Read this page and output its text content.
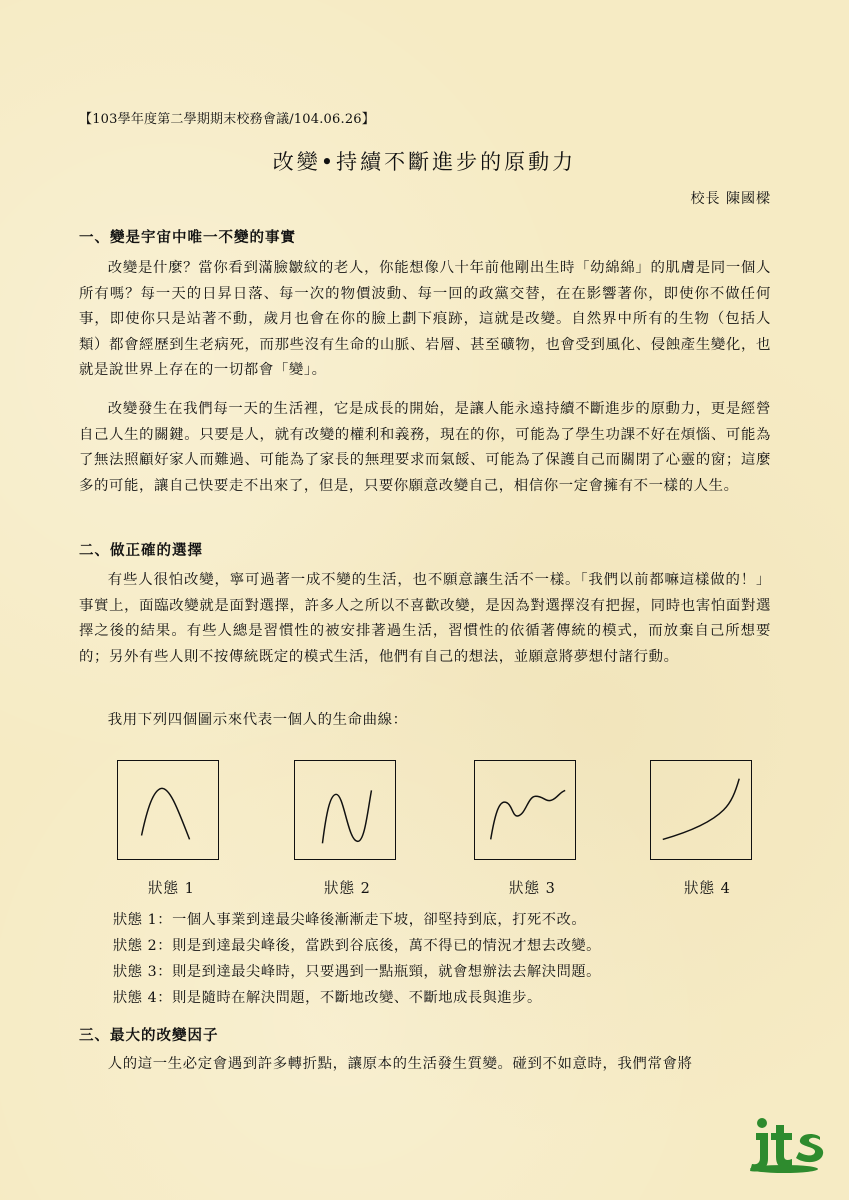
【103學年度第二學期期末校務會議/104.06.26】
改變•持續不斷進步的原動力
校長 陳國樑
一、變是宇宙中唯一不變的事實
改變是什麼？當你看到滿臉皺紋的老人，你能想像八十年前他剛出生時「幼綿綿」的肌膚是同一個人所有嗎？每一天的日昇日落、每一次的物價波動、每一回的政黨交替，在在影響著你，即使你不做任何事，即使你只是站著不動，歲月也會在你的臉上劃下痕跡，這就是改變。自然界中所有的生物（包括人類）都會經歷到生老病死，而那些沒有生命的山脈、岩層、甚至礦物，也會受到風化、侵蝕產生變化，也就是說世界上存在的一切都會「變」。
改變發生在我們每一天的生活裡，它是成長的開始，是讓人能永遠持續不斷進步的原動力，更是經營自己人生的關鍵。只要是人，就有改變的權利和義務，現在的你，可能為了學生功課不好在煩惱、可能為了無法照顧好家人而難過、可能為了家長的無理要求而氣餒、可能為了保護自己而關閉了心靈的窗；這麼多的可能，讓自己快要走不出來了，但是，只要你願意改變自己，相信你一定會擁有不一樣的人生。
二、做正確的選擇
有些人很怕改變，寧可過著一成不變的生活，也不願意讓生活不一樣。「我們以前都嘛這樣做的！」事實上，面臨改變就是面對選擇，許多人之所以不喜歡改變，是因為對選擇沒有把握，同時也害怕面對選擇之後的結果。有些人總是習慣性的被安排著過生活，習慣性的依循著傳統的模式，而放棄自己所想要的；另外有些人則不按傳統既定的模式生活，他們有自己的想法，並願意將夢想付諸行動。
我用下列四個圖示來代表一個人的生命曲線：
狀態 1	狀態 2	狀態 3	狀態 4
狀態 1：一個人事業到達最尖峰後漸漸走下坡，卻堅持到底，打死不改。
狀態 2：則是到達最尖峰後，當跌到谷底後，萬不得已的情況才想去改變。
狀態 3：則是到達最尖峰時，只要遇到一點瓶頸，就會想辦法去解決問題。
狀態 4：則是隨時在解決問題，不斷地改變、不斷地成長與進步。
三、最大的改變因子
人的這一生必定會遇到許多轉折點，讓原本的生活發生質變。碰到不如意時，我們常會將
